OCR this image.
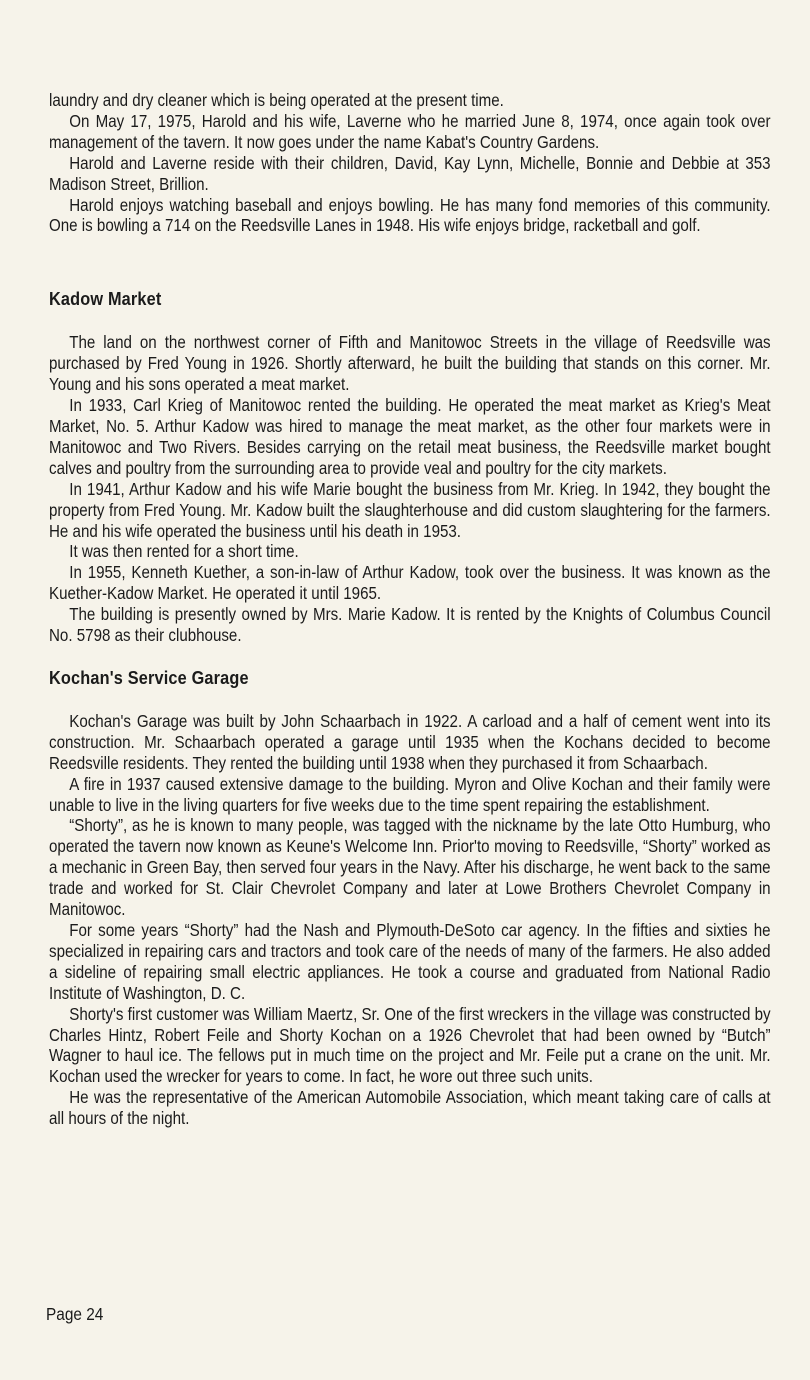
laundry and dry cleaner which is being operated at the present time.

On May 17, 1975, Harold and his wife, Laverne who he married June 8, 1974, once again took over management of the tavern. It now goes under the name Kabat's Country Gardens.

Harold and Laverne reside with their children, David, Kay Lynn, Michelle, Bonnie and Debbie at 353 Madison Street, Brillion.

Harold enjoys watching baseball and enjoys bowling. He has many fond memories of this community. One is bowling a 714 on the Reedsville Lanes in 1948. His wife enjoys bridge, racketball and golf.

Kadow Market

The land on the northwest corner of Fifth and Manitowoc Streets in the village of Reedsville was purchased by Fred Young in 1926. Shortly afterward, he built the building that stands on this corner. Mr. Young and his sons operated a meat market.

In 1933, Carl Krieg of Manitowoc rented the building. He operated the meat market as Krieg's Meat Market, No. 5. Arthur Kadow was hired to manage the meat market, as the other four markets were in Manitowoc and Two Rivers. Besides carrying on the retail meat business, the Reedsville market bought calves and poultry from the surrounding area to provide veal and poultry for the city markets.

In 1941, Arthur Kadow and his wife Marie bought the business from Mr. Krieg. In 1942, they bought the property from Fred Young. Mr. Kadow built the slaughterhouse and did custom slaughtering for the farmers. He and his wife operated the business until his death in 1953.

It was then rented for a short time.

In 1955, Kenneth Kuether, a son-in-law of Arthur Kadow, took over the business. It was known as the Kuether-Kadow Market. He operated it until 1965.

The building is presently owned by Mrs. Marie Kadow. It is rented by the Knights of Columbus Council No. 5798 as their clubhouse.

Kochan's Service Garage

Kochan's Garage was built by John Schaarbach in 1922. A carload and a half of cement went into its construction. Mr. Schaarbach operated a garage until 1935 when the Kochans decided to become Reedsville residents. They rented the building until 1938 when they purchased it from Schaarbach.

A fire in 1937 caused extensive damage to the building. Myron and Olive Kochan and their family were unable to live in the living quarters for five weeks due to the time spent repairing the establishment.

“Shorty”, as he is known to many people, was tagged with the nickname by the late Otto Humburg, who operated the tavern now known as Keune's Welcome Inn. Prior'to moving to Reedsville, “Shorty” worked as a mechanic in Green Bay, then served four years in the Navy. After his discharge, he went back to the same trade and worked for St. Clair Chevrolet Company and later at Lowe Brothers Chevrolet Company in Manitowoc.

For some years “Shorty” had the Nash and Plymouth-DeSoto car agency. In the fifties and sixties he specialized in repairing cars and tractors and took care of the needs of many of the farmers. He also added a sideline of repairing small electric appliances. He took a course and graduated from National Radio Institute of Washington, D. C.

Shorty's first customer was William Maertz, Sr. One of the first wreckers in the village was constructed by Charles Hintz, Robert Feile and Shorty Kochan on a 1926 Chevrolet that had been owned by “Butch” Wagner to haul ice. The fellows put in much time on the project and Mr. Feile put a crane on the unit. Mr. Kochan used the wrecker for years to come. In fact, he wore out three such units.

He was the representative of the American Automobile Association, which meant taking care of calls at all hours of the night.

Page 24
